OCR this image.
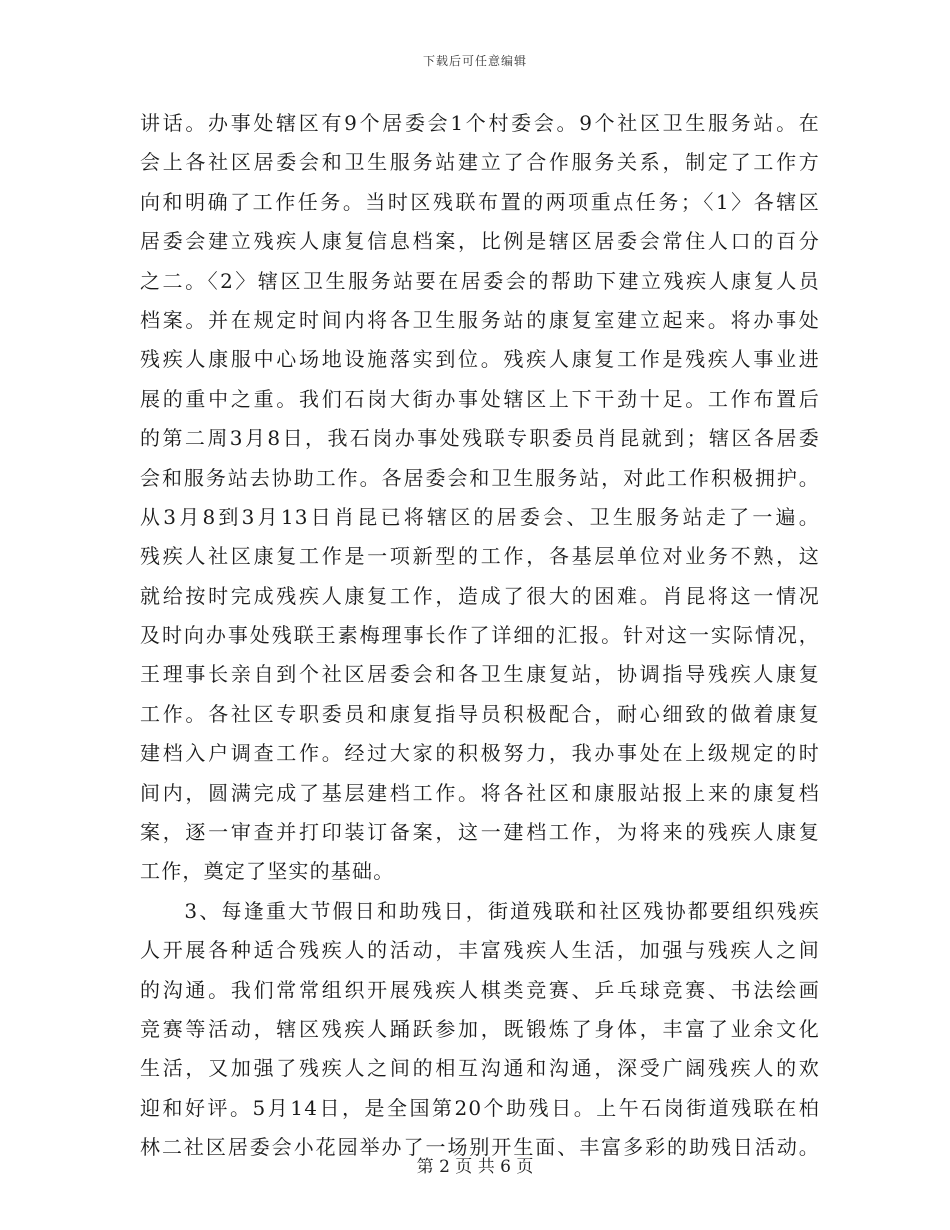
下载后可任意编辑
讲话。办事处辖区有9个居委会1个村委会。9个社区卫生服务站。在
会上各社区居委会和卫生服务站建立了合作服务关系，制定了工作方
向和明确了工作任务。当时区残联布置的两项重点任务；〈1〉各辖区
居委会建立残疾人康复信息档案，比例是辖区居委会常住人口的百分
之二。〈2〉辖区卫生服务站要在居委会的帮助下建立残疾人康复人员
档案。并在规定时间内将各卫生服务站的康复室建立起来。将办事处
残疾人康服中心场地设施落实到位。残疾人康复工作是残疾人事业进
展的重中之重。我们石岗大街办事处辖区上下干劲十足。工作布置后
的第二周3月8日，我石岗办事处残联专职委员肖昆就到；辖区各居委
会和服务站去协助工作。各居委会和卫生服务站，对此工作积极拥护。
从3月8到3月13日肖昆已将辖区的居委会、卫生服务站走了一遍。
残疾人社区康复工作是一项新型的工作，各基层单位对业务不熟，这
就给按时完成残疾人康复工作，造成了很大的困难。肖昆将这一情况
及时向办事处残联王素梅理事长作了详细的汇报。针对这一实际情况，
王理事长亲自到个社区居委会和各卫生康复站，协调指导残疾人康复
工作。各社区专职委员和康复指导员积极配合，耐心细致的做着康复
建档入户调查工作。经过大家的积极努力，我办事处在上级规定的时
间内，圆满完成了基层建档工作。将各社区和康服站报上来的康复档
案，逐一审查并打印装订备案，这一建档工作，为将来的残疾人康复
工作，奠定了坚实的基础。
　　3、每逢重大节假日和助残日，街道残联和社区残协都要组织残疾
人开展各种适合残疾人的活动，丰富残疾人生活，加强与残疾人之间
的沟通。我们常常组织开展残疾人棋类竞赛、乒乓球竞赛、书法绘画
竞赛等活动，辖区残疾人踊跃参加，既锻炼了身体，丰富了业余文化
生活，又加强了残疾人之间的相互沟通和沟通，深受广阔残疾人的欢
迎和好评。5月14日，是全国第20个助残日。上午石岗街道残联在柏
林二社区居委会小花园举办了一场别开生面、丰富多彩的助残日活动。
第 2 页 共 6 页
